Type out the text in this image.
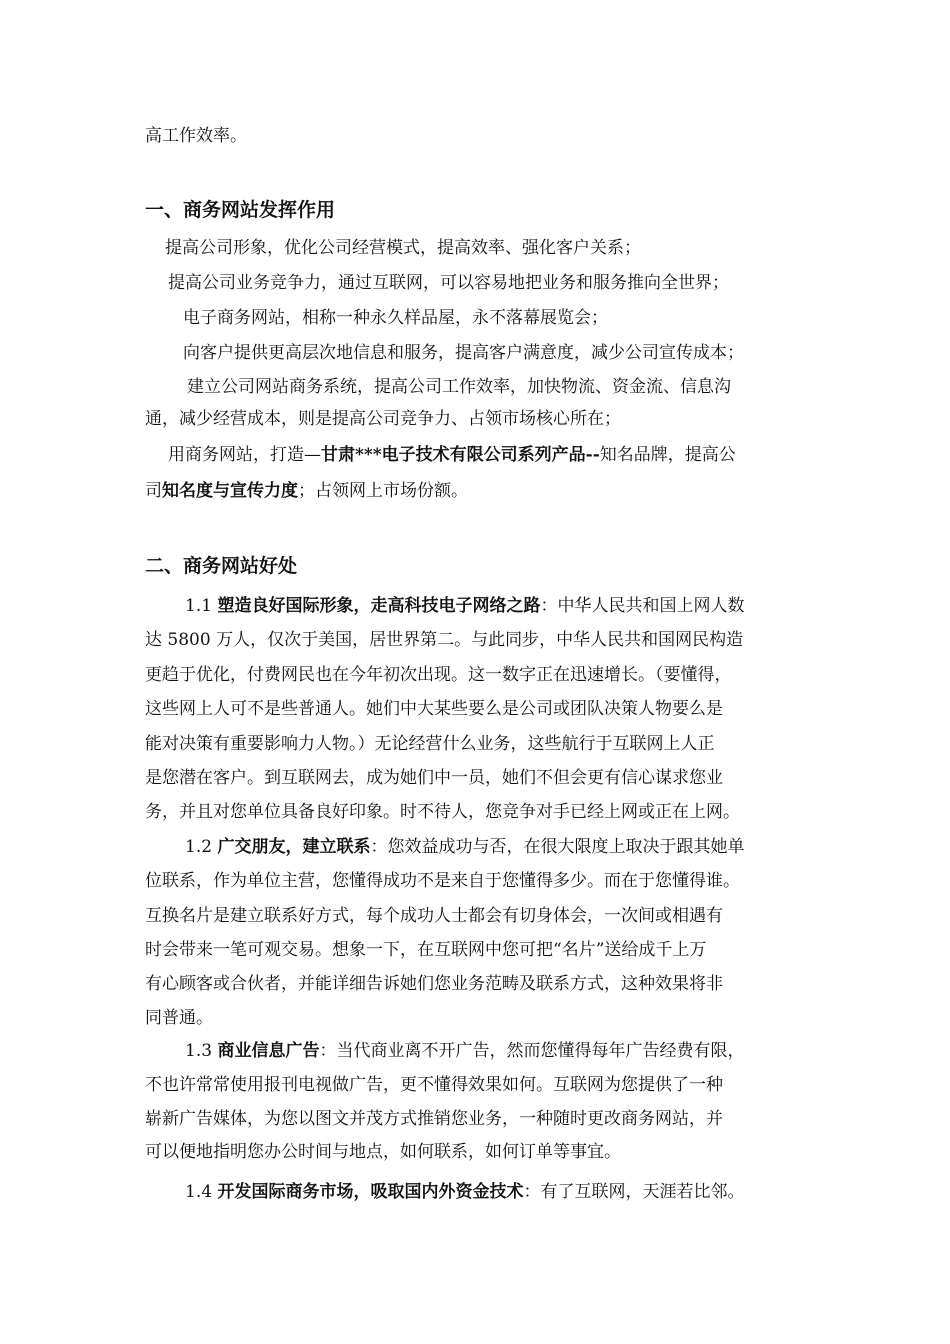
高工作效率。
一、商务网站发挥作用
提高公司形象，优化公司经营模式，提高效率、强化客户关系；
提高公司业务竞争力，通过互联网，可以容易地把业务和服务推向全世界；
电子商务网站，相称一种永久样品屋，永不落幕展览会；
向客户提供更高层次地信息和服务，提高客户满意度，减少公司宣传成本；
建立公司网站商务系统，提高公司工作效率，加快物流、资金流、信息沟
通，减少经营成本，则是提高公司竞争力、占领市场核心所在；
用商务网站，打造—甘肃***电子技术有限公司系列产品--知名品牌，提高公
司知名度与宣传力度；占领网上市场份额。
二、商务网站好处
1.1 塑造良好国际形象，走高科技电子网络之路：中华人民共和国上网人数
达 5800 万人，仅次于美国，居世界第二。与此同步，中华人民共和国网民构造
更趋于优化，付费网民也在今年初次出现。这一数字正在迅速增长。（要懂得，
这些网上人可不是些普通人。她们中大某些要么是公司或团队决策人物要么是
能对决策有重要影响力人物。）无论经营什么业务，这些航行于互联网上人正
是您潜在客户。到互联网去，成为她们中一员，她们不但会更有信心谋求您业
务，并且对您单位具备良好印象。时不待人，您竞争对手已经上网或正在上网。
1.2 广交朋友，建立联系：您效益成功与否，在很大限度上取决于跟其她单
位联系，作为单位主营，您懂得成功不是来自于您懂得多少。而在于您懂得谁。
互换名片是建立联系好方式，每个成功人士都会有切身体会，一次间或相遇有
时会带来一笔可观交易。想象一下，在互联网中您可把“名片”送给成千上万
有心顾客或合伙者，并能详细告诉她们您业务范畴及联系方式，这种效果将非
同普通。
1.3 商业信息广告：当代商业离不开广告，然而您懂得每年广告经费有限，
不也许常常使用报刊电视做广告，更不懂得效果如何。互联网为您提供了一种
崭新广告媒体，为您以图文并茂方式推销您业务，一种随时更改商务网站，并
可以便地指明您办公时间与地点，如何联系，如何订单等事宜。
1.4 开发国际商务市场，吸取国内外资金技术：有了互联网，天涯若比邻。
